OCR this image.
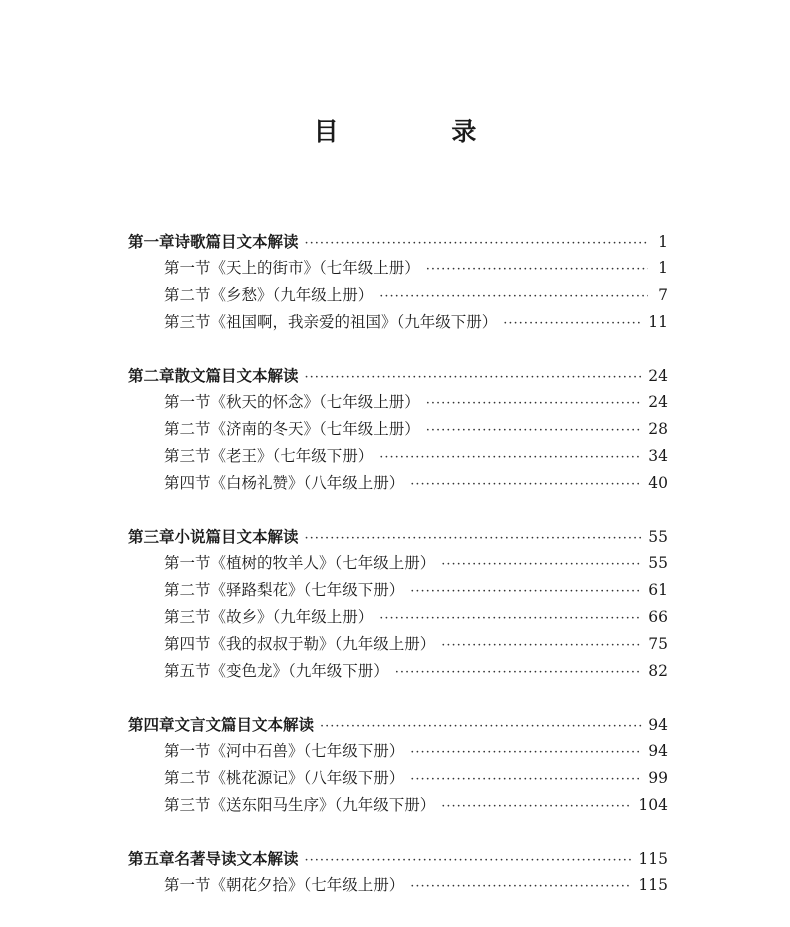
目 录
第一章 诗歌篇目文本解读 ·····	1
第一节 《天上的街市》（七年级上册） ·····	1
第二节 《乡愁》（九年级上册） ·····	7
第三节 《祖国啊，我亲爱的祖国》（九年级下册） ·····	11
第二章 散文篇目文本解读 ·····	24
第一节 《秋天的怀念》（七年级上册） ·····	24
第二节 《济南的冬天》（七年级上册） ·····	28
第三节 《老王》（七年级下册） ·····	34
第四节 《白杨礼赞》（八年级上册） ·····	40
第三章 小说篇目文本解读 ·····	55
第一节 《植树的牧羊人》（七年级上册） ·····	55
第二节 《驿路梨花》（七年级下册） ·····	61
第三节 《故乡》（九年级上册） ·····	66
第四节 《我的叔叔于勒》（九年级上册） ·····	75
第五节 《变色龙》（九年级下册） ·····	82
第四章 文言文篇目文本解读 ·····	94
第一节 《河中石兽》（七年级下册） ·····	94
第二节 《桃花源记》（八年级下册） ·····	99
第三节 《送东阳马生序》（九年级下册） ·····	104
第五章 名著导读文本解读 ·····	115
第一节 《朝花夕拾》（七年级上册） ·····	115
